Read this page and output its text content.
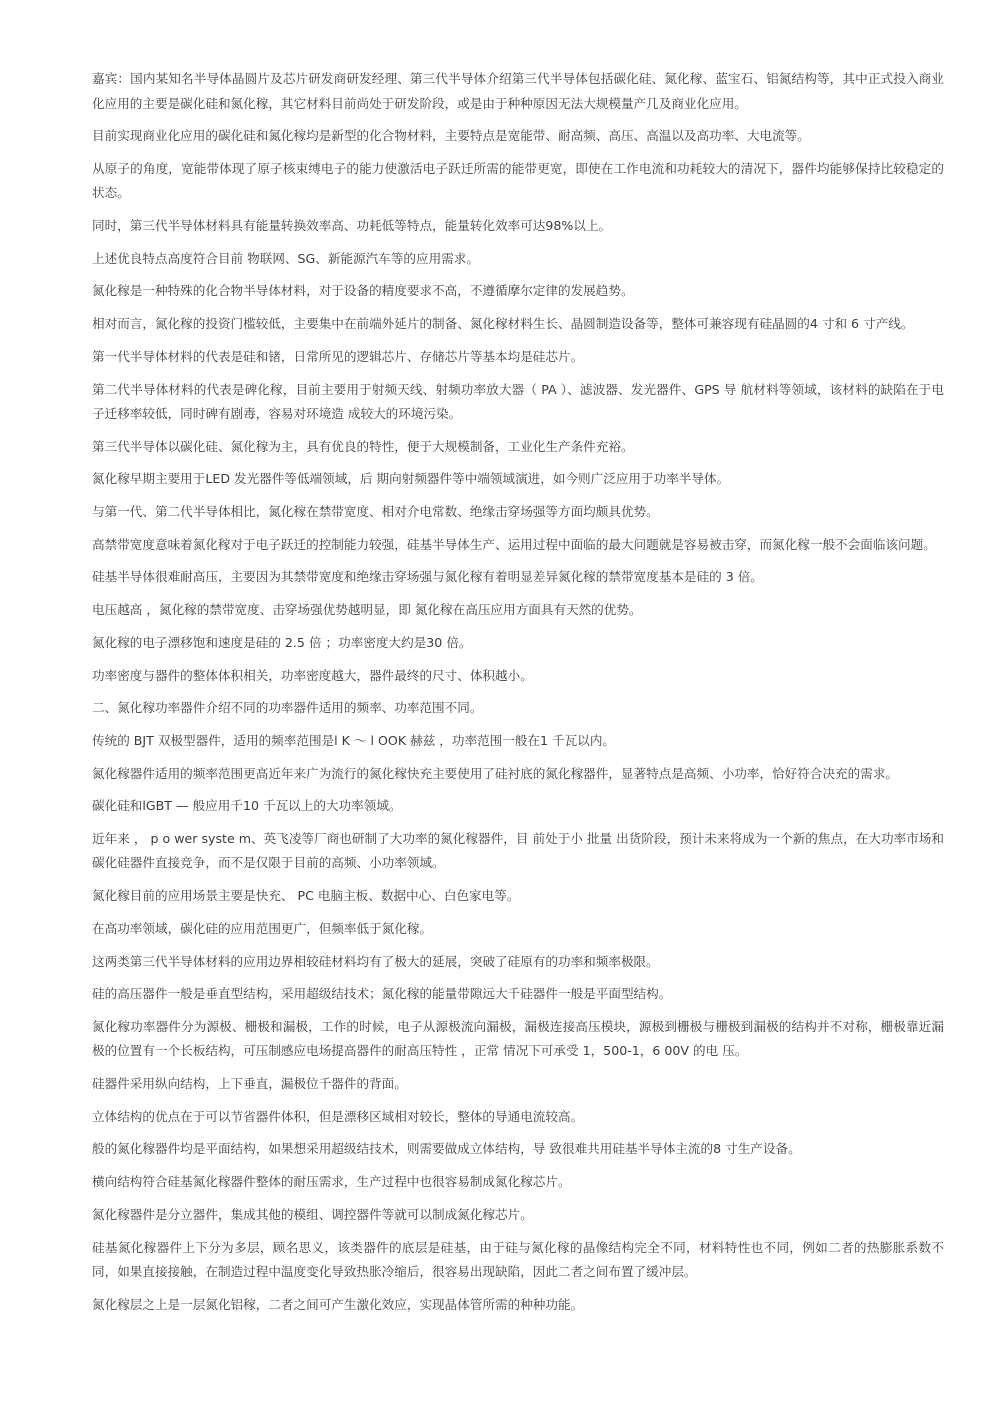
嘉宾：国内某知名半导体晶圆片及芯片研发商研发经理、第三代半导体介绍第三代半导体包括碳化硅、氮化稼、蓝宝石、铝氮结构等，其中正式投入商业化应用的主要是碳化硅和氮化稼，其它材料目前尚处于研发阶段，或是由于种种原因无法大规模量产几及商业化应用。

目前实现商业化应用的碳化硅和氮化稼均是新型的化合物材料，主要特点是宽能带、耐高频、高压、高温以及高功率、大电流等。

从原子的角度，宽能带体现了原子核束缚电子的能力使激活电子跃迁所需的能带更宽，即使在工作电流和功耗较大的清况下，器件均能够保持比较稳定的状态。

同时，第三代半导体材料具有能量转换效率高、功耗低等特点，能量转化效率可达98%以上。

上述优良特点高度符合目前 物联网、SG、新能源汽车等的应用需求。

氮化稼是一种特殊的化合物半导体材料，对于设备的精度要求不高，不遵循摩尔定律的发展趋势。

相对而言，氮化稼的投资门槛较低，主要集中在前端外延片的制备、氮化稼材料生长、晶圆制造设备等，整体可兼容现有硅晶圆的4 寸和 6 寸产线。

第一代半导体材料的代表是硅和锗，日常所见的逻辑芯片、存储芯片等基本均是硅芯片。

第二代半导体材料的代表是碑化稼，目前主要用于射频天线、射频功率放大器（ PA ）、滤波器、发光器件、GPS 导 航材料等领域，该材料的缺陷在于电子迁移率较低，同时碑有剧毒，容易对环境造 成较大的环境污染。

第三代半导体以碳化硅、氮化稼为主，具有优良的特性，便于大规模制备，工业化生产条件充裕。

氮化稼早期主要用于LED 发光器件等低端领域，后 期向射频器件等中端领域演进，如今则广泛应用于功率半导体。

与第一代、第二代半导体相比，氮化稼在禁带宽度、相对介电常数、绝缘击穿场强等方面均颇具优势。

高禁带宽度意味着氮化稼对于电子跃迁的控制能力较强，硅基半导体生产、运用过程中面临的最大问题就是容易被击穿，而氮化稼一般不会面临该问题。

硅基半导体很难耐高压，主要因为其禁带宽度和绝缘击穿场强与氮化稼有着明显差异氮化稼的禁带宽度基本是硅的 3 倍。

电压越高 ，氮化稼的禁带宽度、击穿场强优势越明显，即 氮化稼在高压应用方面具有天然的优势。

氮化稼的电子漂移饱和速度是硅的 2.5 倍 ；功率密度大约是30 倍。

功率密度与器件的整体体积相关，功率密度越大，器件最终的尺寸、体积越小。

二、氮化稼功率器件介绍不同的功率器件适用的频率、功率范围不同。

传统的 BJT 双极型器件，适用的频率范围是l K ～ l OOK 赫兹 ，功率范围一般在1 千瓦以内。

氮化稼器件适用的频率范围更高近年来广为流行的氮化稼快充主要使用了硅衬底的氮化稼器件，显著特点是高频、小功率，恰好符合决充的需求。

碳化硅和lGBT — 般应用千10 千瓦以上的大功率领域。

近年来 ， p o wer syste m、英飞凌等厂商也研制了大功率的氮化稼器件，目 前处于小 批量 出货阶段，预计未来将成为一个新的焦点，在大功率市场和碳化硅器件直接竞争，而不是仅限于目前的高频、小功率领域。

氮化稼目前的应用场景主要是快充、 PC 电脑主板、数据中心、白色家电等。

在高功率领域，碳化硅的应用范围更广，但频率低于氮化稼。

这两类第三代半导体材料的应用边界相较硅材料均有了极大的延展，突破了硅原有的功率和频率极限。

硅的高压器件一般是垂直型结构，采用超级结技术；氮化稼的能量带隙远大千硅器件一般是平面型结构。

氮化稼功率器件分为源极、栅极和漏极，工作的时候，电子从源极流向漏极，漏极连接高压模块，源极到栅极与栅极到漏极的结构并不对称，栅极靠近漏极的位置有一个长板结构，可压制感应电场提高器件的耐高压特性 ，正常 情况下可承受 1，500-1，6 00V 的电 压。

硅器件采用纵向结构，上下垂直，漏极位千器件的背面。

立体结构的优点在于可以节省器件体积，但是漂移区域相对较长，整体的导通电流较高。

般的氮化稼器件均是平面结构，如果想采用超级结技术，则需要做成立体结构，导 致很难共用硅基半导体主流的8 寸生产设备。

横向结构符合硅基氮化稼器件整体的耐压需求，生产过程中也很容易制成氮化稼芯片。

氮化稼器件是分立器件，集成其他的模组、调控器件等就可以制成氮化稼芯片。

硅基氮化稼器件上下分为多层，顾名思义，该类器件的底层是硅基，由于硅与氮化稼的晶像结构完全不同，材料特性也不同，例如二者的热膨胀系数不同，如果直接接触，在制造过程中温度变化导致热胀冷缩后，很容易出现缺陷，因此二者之间布置了缓冲层。

氮化稼层之上是一层氮化铝稼，二者之间可产生激化效应，实现晶体管所需的种种功能。
